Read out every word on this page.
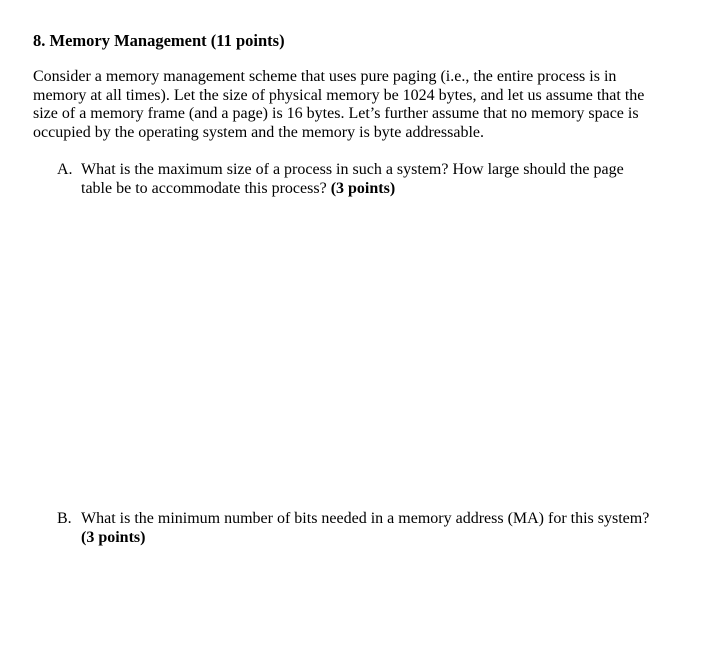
8. Memory Management (11 points)
Consider a memory management scheme that uses pure paging (i.e., the entire process is in
memory at all times). Let the size of physical memory be 1024 bytes, and let us assume that the
size of a memory frame (and a page) is 16 bytes. Let’s further assume that no memory space is
occupied by the operating system and the memory is byte addressable.
A. What is the maximum size of a process in such a system? How large should the page
table be to accommodate this process? (3 points)
B. What is the minimum number of bits needed in a memory address (MA) for this system?
(3 points)
